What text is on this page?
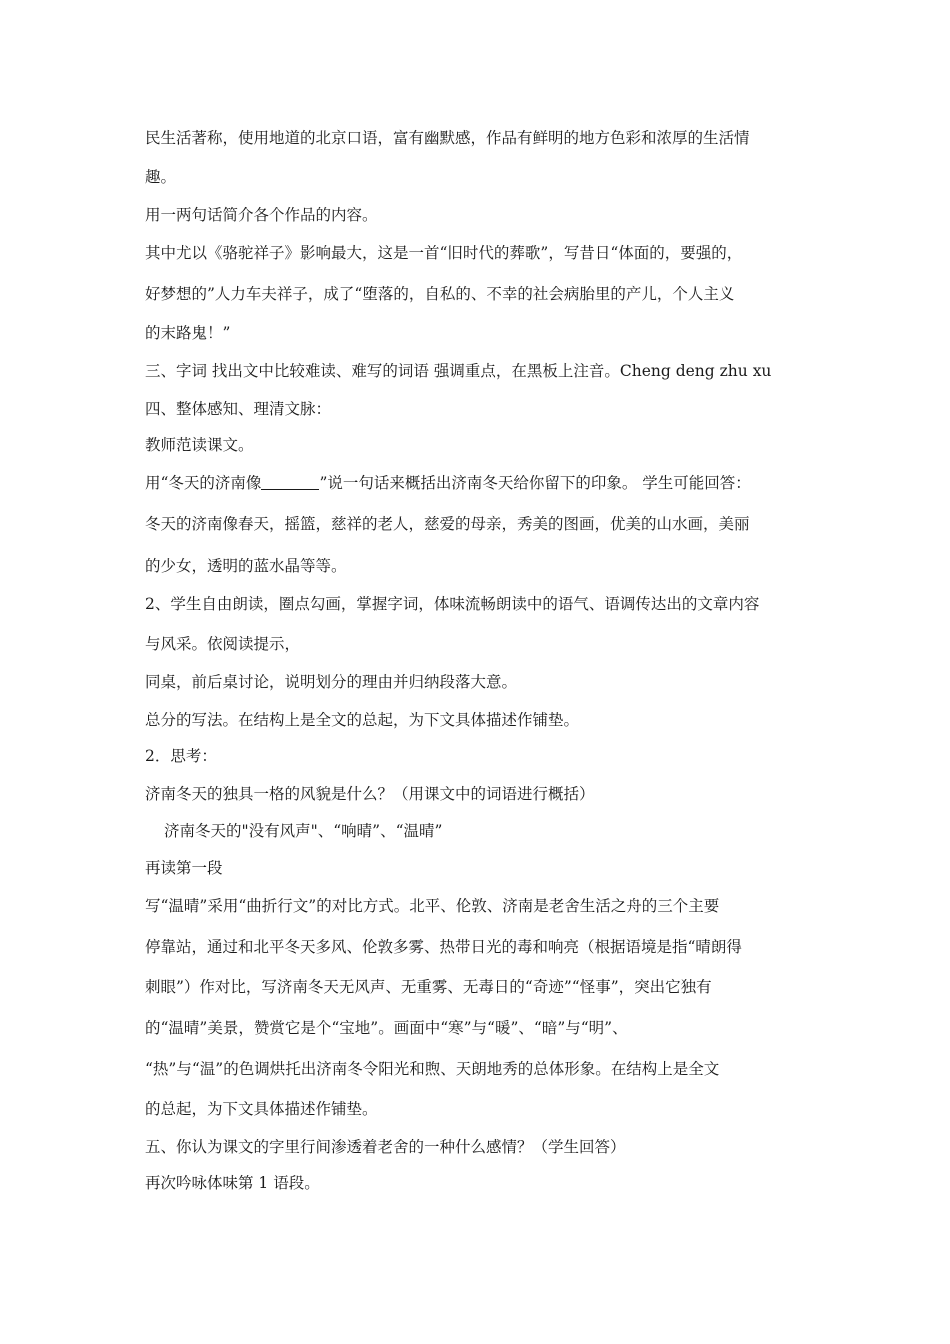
民生活著称，使用地道的北京口语，富有幽默感，作品有鲜明的地方色彩和浓厚的生活情
趣。
用一两句话简介各个作品的内容。
其中尤以《骆驼祥子》影响最大，这是一首“旧时代的葬歌”，写昔日“体面的，要强的，
好梦想的”人力车夫祥子，成了“堕落的，自私的、不幸的社会病胎里的产儿，个人主义
的末路鬼！”
三、字词 找出文中比较难读、难写的词语 强调重点，在黑板上注音。Cheng deng zhu xu
四、整体感知、理清文脉：
教师范读课文。
用“冬天的济南像	”说一句话来概括出济南冬天给你留下的印象。 学生可能回答：
冬天的济南像春天，摇篮，慈祥的老人，慈爱的母亲，秀美的图画，优美的山水画，美丽
的少女，透明的蓝水晶等等。
2、学生自由朗读，圈点勾画，掌握字词，体味流畅朗读中的语气、语调传达出的文章内容
与风采。依阅读提示，
同桌，前后桌讨论，说明划分的理由并归纳段落大意。
总分的写法。在结构上是全文的总起，为下文具体描述作铺垫。
2．思考：
济南冬天的独具一格的风貌是什么？（用课文中的词语进行概括）
济南冬天的"没有风声"、“响晴”、“温晴”
再读第一段
写“温晴”采用“曲折行文”的对比方式。北平、伦敦、济南是老舍生活之舟的三个主要
停靠站，通过和北平冬天多风、伦敦多雾、热带日光的毒和响亮（根据语境是指“晴朗得
刺眼”）作对比，写济南冬天无风声、无重雾、无毒日的“奇迹”“怪事”，突出它独有
的“温晴”美景，赞赏它是个“宝地”。画面中“寒”与“暖”、“暗”与“明”、
“热”与“温”的色调烘托出济南冬令阳光和煦、天朗地秀的总体形象。在结构上是全文
的总起，为下文具体描述作铺垫。
五、你认为课文的字里行间渗透着老舍的一种什么感情？（学生回答）
再次吟咏体味第 1 语段。
